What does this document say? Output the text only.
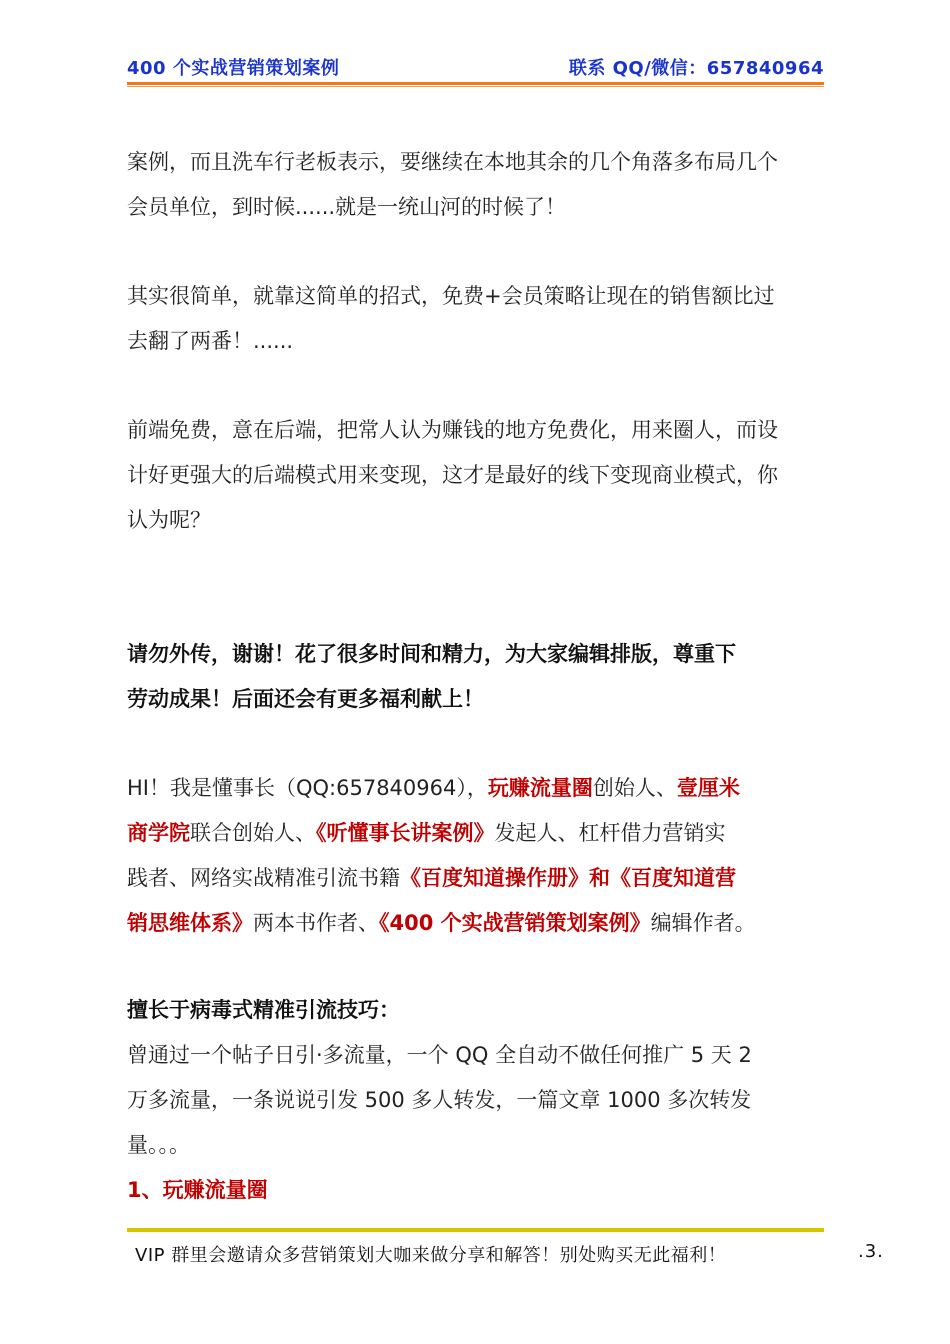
400 个实战营销策划案例	联系 QQ/微信：657840964
案例，而且洗车行老板表示，要继续在本地其余的几个角落多布局几个
会员单位，到时候......就是一统山河的时候了！
其实很简单，就靠这简单的招式，免费+会员策略让现在的销售额比过
去翻了两番！......
前端免费，意在后端，把常人认为赚钱的地方免费化，用来圈人，而设
计好更强大的后端模式用来变现，这才是最好的线下变现商业模式，你
认为呢？
请勿外传，谢谢！花了很多时间和精力，为大家编辑排版，尊重下
劳动成果！后面还会有更多福利献上！
HI！我是懂事长（QQ:657840964），玩赚流量圈创始人、壹厘米
商学院联合创始人、《听懂事长讲案例》发起人、杠杆借力营销实
践者、网络实战精准引流书籍《百度知道操作册》和《百度知道营
销思维体系》两本书作者、《400 个实战营销策划案例》编辑作者。
擅长于病毒式精准引流技巧：
曾通过一个帖子日引·多流量，一个 QQ 全自动不做任何推广 5 天 2
万多流量，一条说说引发 500 多人转发，一篇文章 1000 多次转发
量。。。
1、玩赚流量圈
VIP 群里会邀请众多营销策划大咖来做分享和解答！别处购买无此福利！	.3.
